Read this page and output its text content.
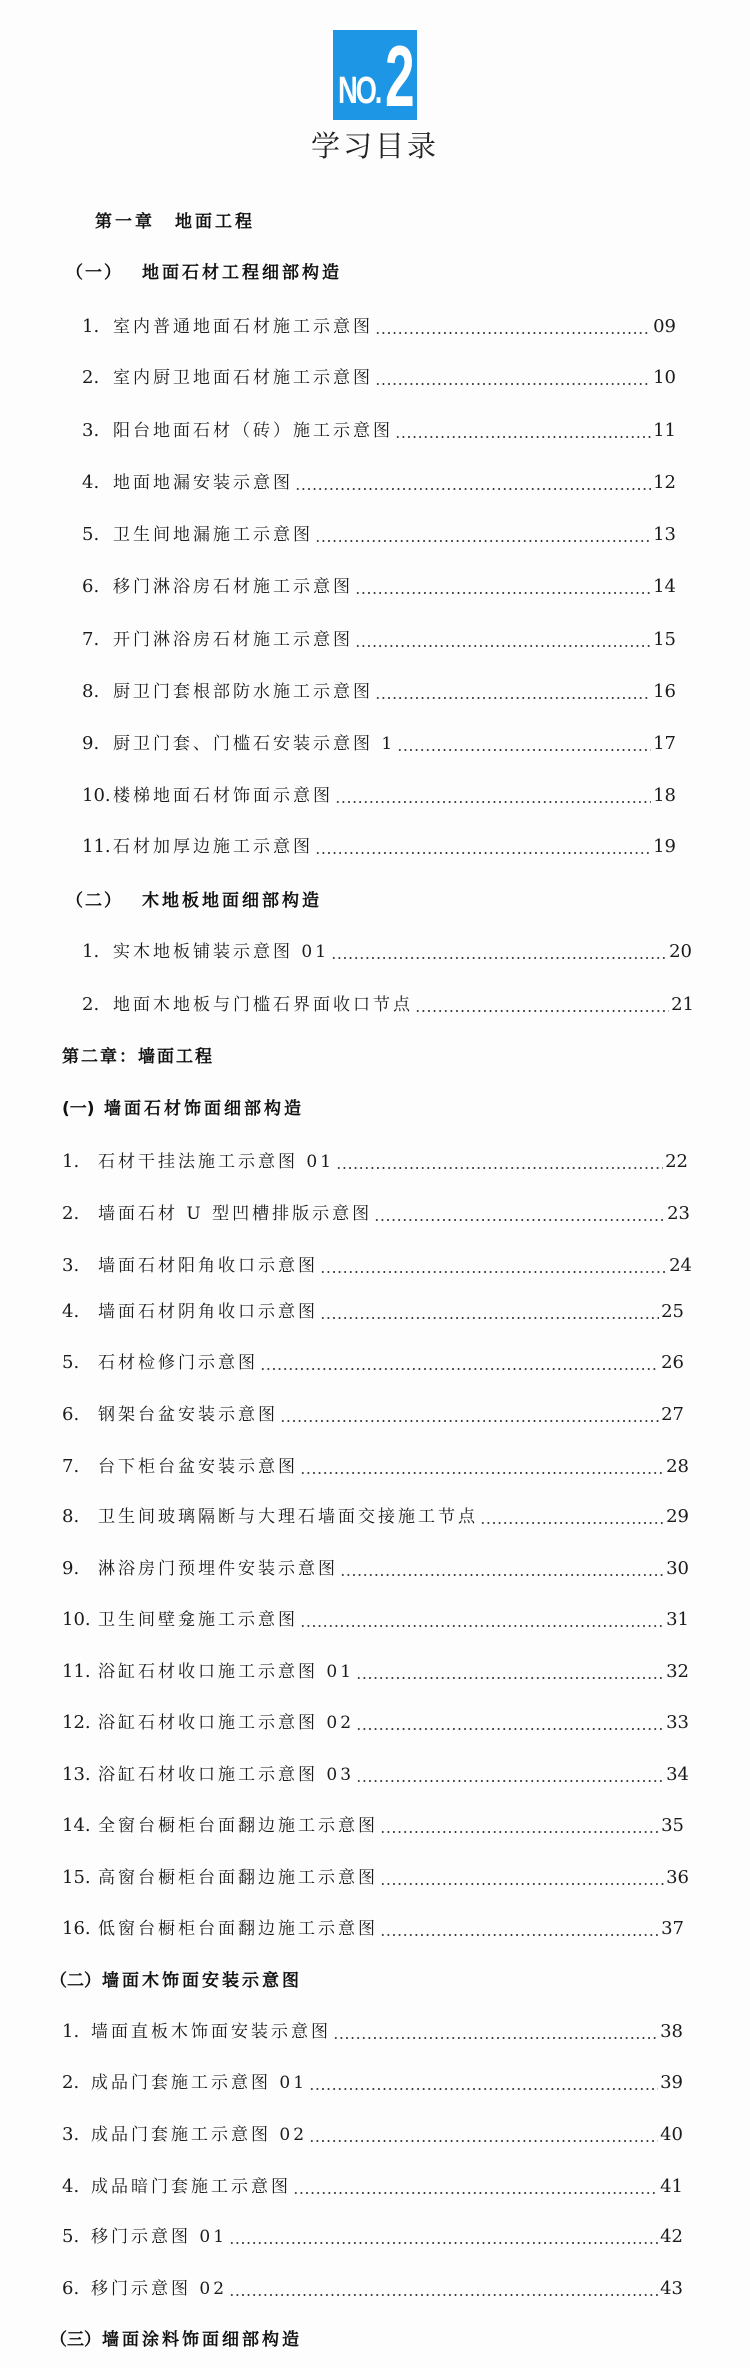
NO. 2
学习目录
第一章　地面工程
（一）	地面石材工程细部构造
1. 室内普通地面石材施工示意图	09
2. 室内厨卫地面石材施工示意图	10
3. 阳台地面石材（砖）施工示意图	11
4. 地面地漏安装示意图	12
5. 卫生间地漏施工示意图	13
6. 移门淋浴房石材施工示意图	14
7. 开门淋浴房石材施工示意图	15
8. 厨卫门套根部防水施工示意图	16
9. 厨卫门套、门槛石安装示意图 1	17
10. 楼梯地面石材饰面示意图	18
11. 石材加厚边施工示意图	19
（二）	木地板地面细部构造
1. 实木地板铺装示意图 01	20
2. 地面木地板与门槛石界面收口节点	21
第二章：墙面工程
(一) 墙面石材饰面细部构造
1.	石材干挂法施工示意图 01	22
2.	墙面石材 U 型凹槽排版示意图	23
3.	墙面石材阳角收口示意图	24
4.	墙面石材阴角收口示意图	25
5.	石材检修门示意图	26
6.	钢架台盆安装示意图	27
7.	台下柜台盆安装示意图	28
8.	卫生间玻璃隔断与大理石墙面交接施工节点	29
9.	淋浴房门预埋件安装示意图	30
10. 卫生间壁龛施工示意图	31
11. 浴缸石材收口施工示意图 01	32
12. 浴缸石材收口施工示意图 02	33
13. 浴缸石材收口施工示意图 03	34
14. 全窗台橱柜台面翻边施工示意图	35
15. 高窗台橱柜台面翻边施工示意图	36
16. 低窗台橱柜台面翻边施工示意图	37
（二） 墙面木饰面安装示意图
1. 墙面直板木饰面安装示意图	38
2. 成品门套施工示意图 01	39
3. 成品门套施工示意图 02	40
4. 成品暗门套施工示意图	41
5. 移门示意图 01	42
6. 移门示意图 02	43
（三） 墙面涂料饰面细部构造
